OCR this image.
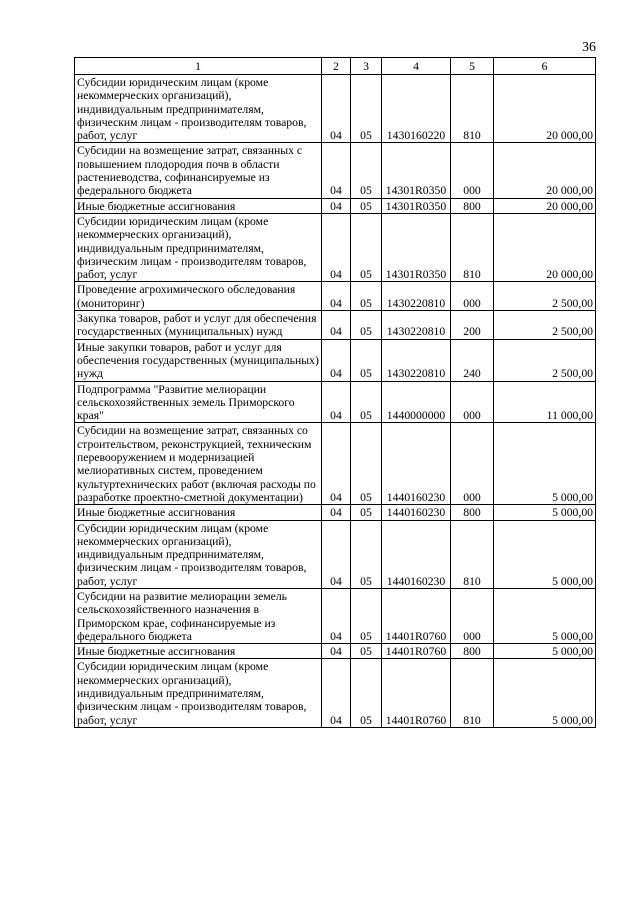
36
1	2	3	4	5	6
Субсидии юридическим лицам (кроме некоммерческих организаций), индивидуальным предпринимателям, физическим лицам - производителям товаров, работ, услуг	04	05	1430160220	810	20 000,00
Субсидии на возмещение затрат, связанных с повышением плодородия почв в области растениеводства, софинансируемые из федерального бюджета	04	05	14301R0350	000	20 000,00
Иные бюджетные ассигнования	04	05	14301R0350	800	20 000,00
Субсидии юридическим лицам (кроме некоммерческих организаций), индивидуальным предпринимателям, физическим лицам - производителям товаров, работ, услуг	04	05	14301R0350	810	20 000,00
Проведение агрохимического обследования (мониторинг)	04	05	1430220810	000	2 500,00
Закупка товаров, работ и услуг для обеспечения государственных (муниципальных) нужд	04	05	1430220810	200	2 500,00
Иные закупки товаров, работ и услуг для обеспечения государственных (муниципальных) нужд	04	05	1430220810	240	2 500,00
Подпрограмма "Развитие мелиорации сельскохозяйственных земель Приморского края"	04	05	1440000000	000	11 000,00
Субсидии на возмещение затрат, связанных со строительством, реконструкцией, техническим перевооружением и модернизацией мелиоративных систем, проведением культуртехнических работ (включая расходы по разработке проектно-сметной документации)	04	05	1440160230	000	5 000,00
Иные бюджетные ассигнования	04	05	1440160230	800	5 000,00
Субсидии юридическим лицам (кроме некоммерческих организаций), индивидуальным предпринимателям, физическим лицам - производителям товаров, работ, услуг	04	05	1440160230	810	5 000,00
Субсидии на развитие мелиорации земель сельскохозяйственного назначения в Приморском крае, софинансируемые из федерального бюджета	04	05	14401R0760	000	5 000,00
Иные бюджетные ассигнования	04	05	14401R0760	800	5 000,00
Субсидии юридическим лицам (кроме некоммерческих организаций), индивидуальным предпринимателям, физическим лицам - производителям товаров, работ, услуг	04	05	14401R0760	810	5 000,00
